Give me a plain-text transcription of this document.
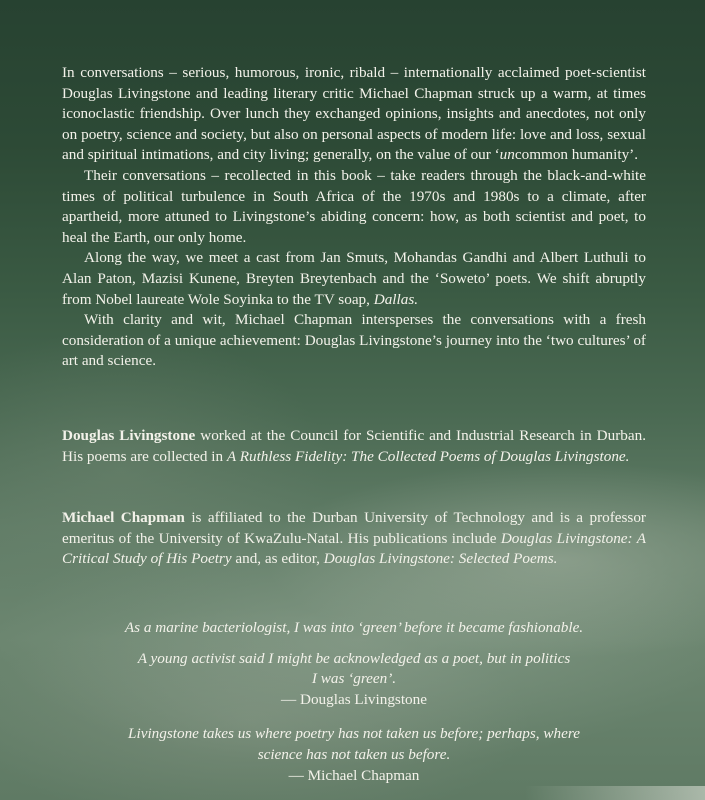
In conversations – serious, humorous, ironic, ribald – internationally acclaimed poet-scientist Douglas Livingstone and leading literary critic Michael Chapman struck up a warm, at times iconoclastic friendship. Over lunch they exchanged opinions, insights and anecdotes, not only on poetry, science and society, but also on personal aspects of modern life: love and loss, sexual and spiritual intimations, and city living; generally, on the value of our ‘uncommon humanity’.

Their conversations – recollected in this book – take readers through the black-and-white times of political turbulence in South Africa of the 1970s and 1980s to a climate, after apartheid, more attuned to Livingstone’s abiding concern: how, as both scientist and poet, to heal the Earth, our only home.

Along the way, we meet a cast from Jan Smuts, Mohandas Gandhi and Albert Luthuli to Alan Paton, Mazisi Kunene, Breyten Breytenbach and the ‘Soweto’ poets. We shift abruptly from Nobel laureate Wole Soyinka to the TV soap, Dallas.

With clarity and wit, Michael Chapman intersperses the conversations with a fresh consideration of a unique achievement: Douglas Livingstone’s journey into the ‘two cultures’ of art and science.

Douglas Livingstone worked at the Council for Scientific and Industrial Research in Durban. His poems are collected in A Ruthless Fidelity: The Collected Poems of Douglas Livingstone.
Michael Chapman is affiliated to the Durban University of Technology and is a professor emeritus of the University of KwaZulu-Natal. His publications include Douglas Livingstone: A Critical Study of His Poetry and, as editor, Douglas Livingstone: Selected Poems.

As a marine bacteriologist, I was into ‘green’ before it became fashionable.

A young activist said I might be acknowledged as a poet, but in politics

I was ‘green’.

— Douglas Livingstone

Livingstone takes us where poetry has not taken us before; perhaps, where

science has not taken us before.

— Michael Chapman
